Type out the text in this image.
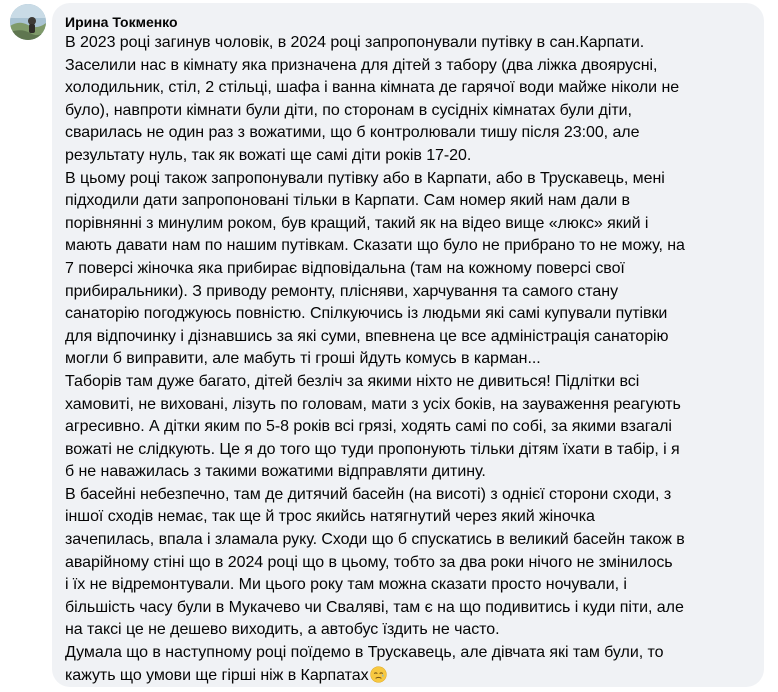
Ирина Токменко
В 2023 році загинув чоловік, в 2024 році запропонували путівку в сан.Карпати.
Заселили нас в кімнату яка призначена для дітей з табору (два ліжка двоярусні,
холодильник, стіл, 2 стільці, шафа і ванна кімната де гарячої води майже ніколи не
було), навпроти кімнати були діти, по сторонам в сусідніх кімнатах були діти,
сварилась не один раз з вожатими, що б контролювали тишу після 23:00, але
результату нуль, так як вожаті ще самі діти років 17-20.
В цьому році також запропонували путівку або в Карпати, або в Трускавець, мені
підходили дати запропоновані тільки в Карпати. Сам номер який нам дали в
порівнянні з минулим роком, був кращий, такий як на відео вище «люкс» який і
мають давати нам по нашим путівкам. Сказати що було не прибрано то не можу, на
7 поверсі жіночка яка прибирає відповідальна (там на кожному поверсі свої
прибиральники). З приводу ремонту, плісняви, харчування та самого стану
санаторію погоджуюсь повністю. Спілкуючись із людьми які самі купували путівки
для відпочинку і дізнавшись за які суми, впевнена це все адміністрація санаторію
могли б виправити, але мабуть ті гроші йдуть комусь в карман...
Таборів там дуже багато, дітей безліч за якими ніхто не дивиться! Підлітки всі
хамовиті, не виховані, лізуть по головам, мати з усіх боків, на зауваження реагують
агресивно. А дітки яким по 5-8 років всі грязі, ходять самі по собі, за якими взагалі
вожаті не слідкують. Це я до того що туди пропонують тільки дітям їхати в табір, і я
б не наважилась з такими вожатими відправляти дитину.
В басейні небезпечно, там де дитячий басейн (на висоті) з однієї сторони сходи, з
іншої сходів немає, так ще й трос якийсь натягнутий через який жіночка
зачепилась, впала і зламала руку. Сходи що б спускатись в великий басейн також в
аварійному стіні що в 2024 році що в цьому, тобто за два роки нічого не змінилось
і їх не відремонтували. Ми цього року там можна сказати просто ночували, і
більшість часу були в Мукачево чи Сваляві, там є на що подивитись і куди піти, але
на таксі це не дешево виходить, а автобус їздить не часто.
Думала що в наступному році поїдемо в Трускавець, але дівчата які там були, то
кажуть що умови ще гірші ніж в Карпатах
